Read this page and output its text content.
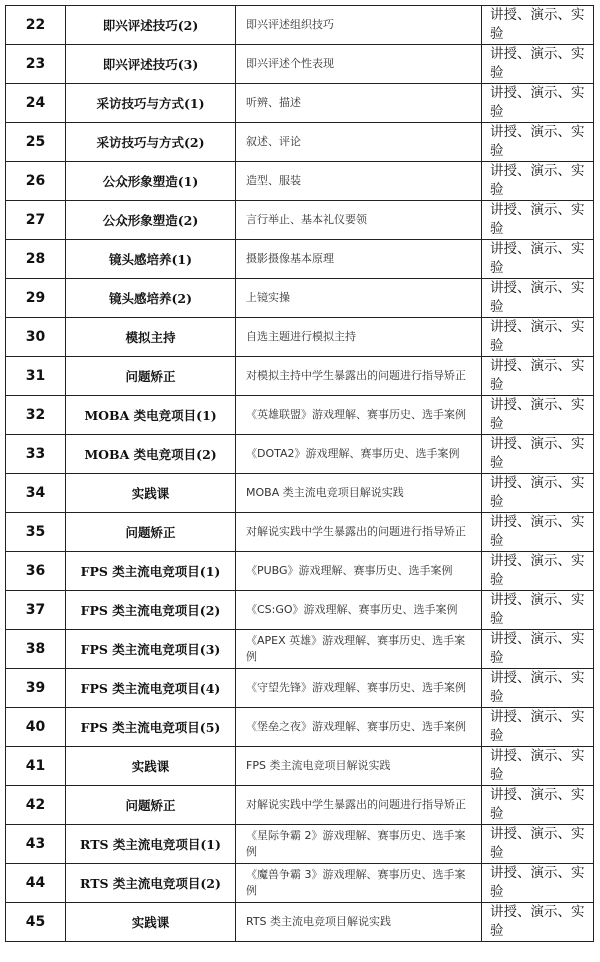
22	即兴评述技巧(2)	即兴评述组织技巧	讲授、演示、实验
23	即兴评述技巧(3)	即兴评述个性表现	讲授、演示、实验
24	采访技巧与方式(1)	听辨、描述	讲授、演示、实验
25	采访技巧与方式(2)	叙述、评论	讲授、演示、实验
26	公众形象塑造(1)	造型、服装	讲授、演示、实验
27	公众形象塑造(2)	言行举止、基本礼仪要领	讲授、演示、实验
28	镜头感培养(1)	摄影摄像基本原理	讲授、演示、实验
29	镜头感培养(2)	上镜实操	讲授、演示、实验
30	模拟主持	自选主题进行模拟主持	讲授、演示、实验
31	问题矫正	对模拟主持中学生暴露出的问题进行指导矫正	讲授、演示、实验
32	MOBA 类电竞项目(1)	《英雄联盟》游戏理解、赛事历史、选手案例	讲授、演示、实验
33	MOBA 类电竞项目(2)	《DOTA2》游戏理解、赛事历史、选手案例	讲授、演示、实验
34	实践课	MOBA 类主流电竞项目解说实践	讲授、演示、实验
35	问题矫正	对解说实践中学生暴露出的问题进行指导矫正	讲授、演示、实验
36	FPS 类主流电竞项目(1)	《PUBG》游戏理解、赛事历史、选手案例	讲授、演示、实验
37	FPS 类主流电竞项目(2)	《CS:GO》游戏理解、赛事历史、选手案例	讲授、演示、实验
38	FPS 类主流电竞项目(3)	《APEX 英雄》游戏理解、赛事历史、选手案例	讲授、演示、实验
39	FPS 类主流电竞项目(4)	《守望先锋》游戏理解、赛事历史、选手案例	讲授、演示、实验
40	FPS 类主流电竞项目(5)	《堡垒之夜》游戏理解、赛事历史、选手案例	讲授、演示、实验
41	实践课	FPS 类主流电竞项目解说实践	讲授、演示、实验
42	问题矫正	对解说实践中学生暴露出的问题进行指导矫正	讲授、演示、实验
43	RTS 类主流电竞项目(1)	《星际争霸 2》游戏理解、赛事历史、选手案例	讲授、演示、实验
44	RTS 类主流电竞项目(2)	《魔兽争霸 3》游戏理解、赛事历史、选手案例	讲授、演示、实验
45	实践课	RTS 类主流电竞项目解说实践	讲授、演示、实验
